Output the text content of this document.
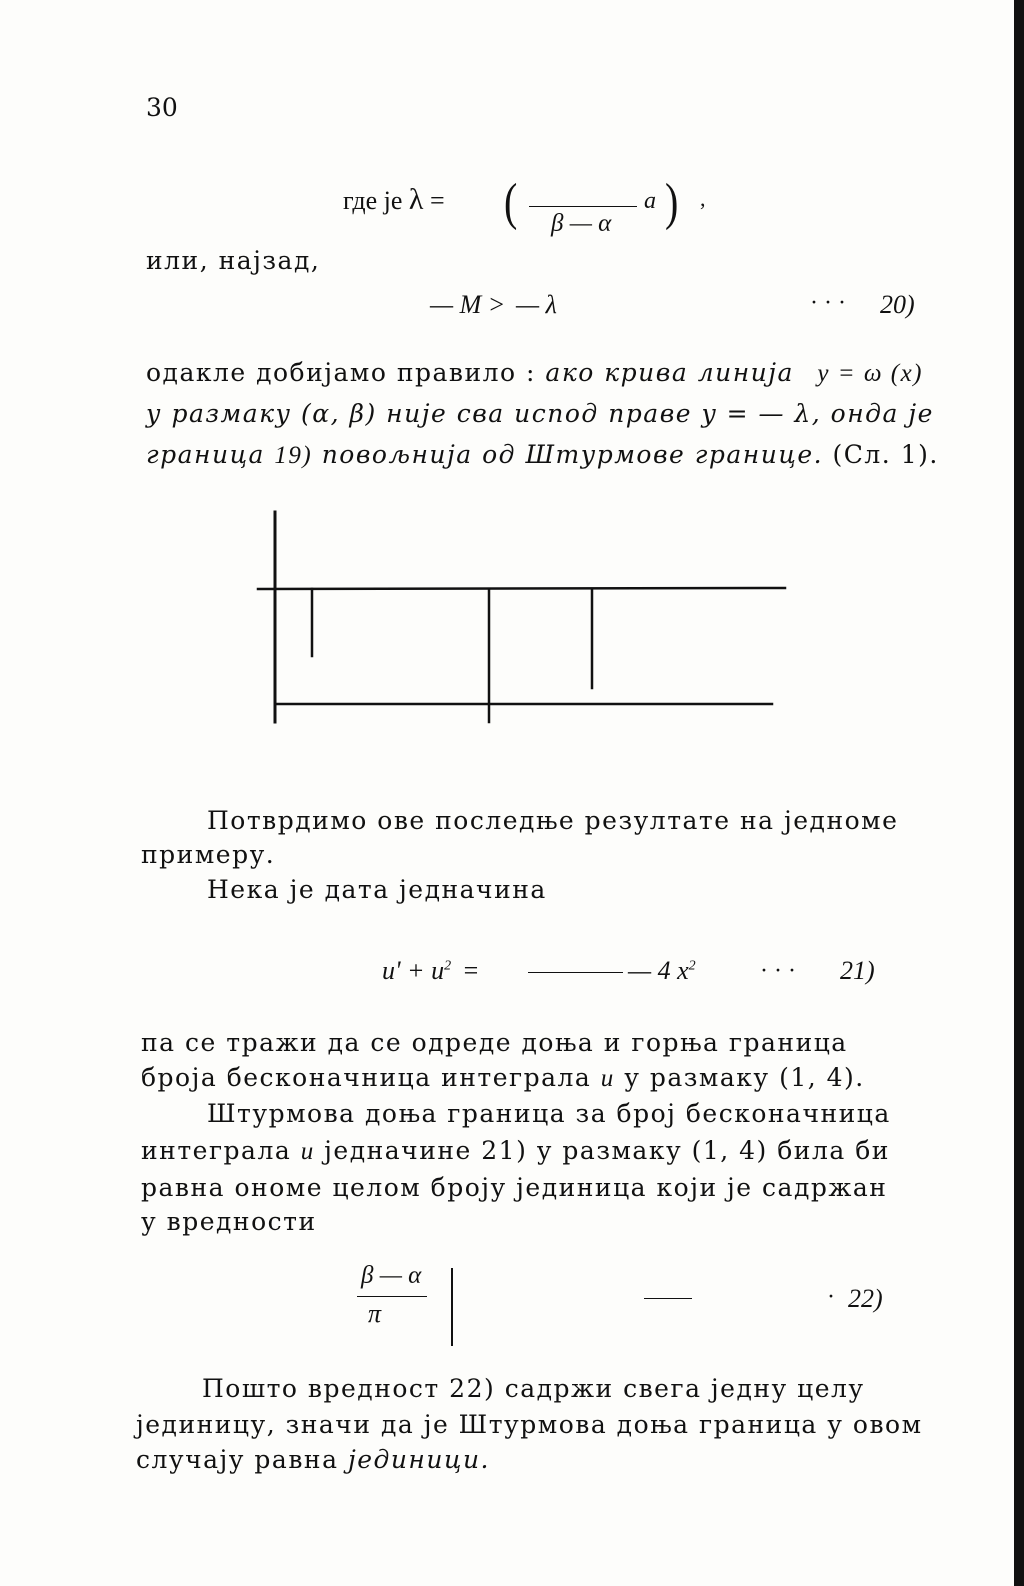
30
где је λ = ( β — α
а ) ,
или, најзад,
— M > — λ	· · · 20)
одакле добијамо правило : ако крива линија y = ω (x)
у размаку (α, β) није сва испод праве y = — λ, онда је
граница 19) повољнија од Штурмове границе. (Сл. 1).
Потврдимо ове последње резултате на једноме
примеру.
Нека је дата једначина
$u' + u^2$ =	— 4 $x^2$	· · · 21)
па се тражи да се одреде доња и горња граница
броја бесконачница интеграла u у размаку (1, 4).
Штурмова доња граница за број бесконачница
интеграла u једначине 21) у размаку (1, 4) била би
равна ономе целом броју јединица који је садржан
у вредности
β — α
π
· 22)
Пошто вредност 22) садржи свега једну целу
јединицу, значи да је Штурмова доња граница у овом
случају равна јединици.
